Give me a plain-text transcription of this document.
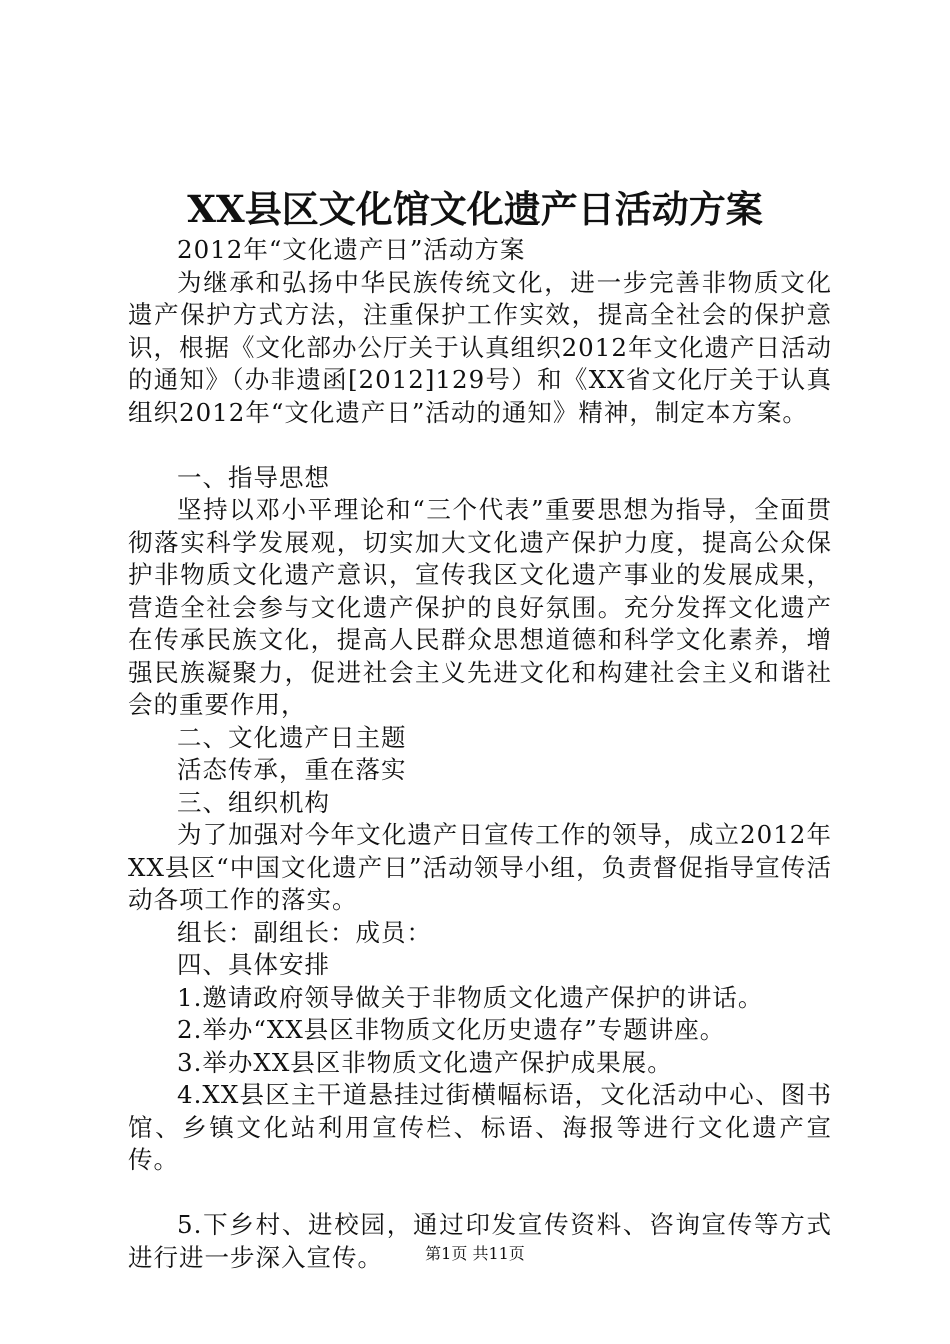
XX县区文化馆文化遗产日活动方案

2012年“文化遗产日”活动方案

为继承和弘扬中华民族传统文化，进一步完善非物质文化遗产保护方式方法，注重保护工作实效，提高全社会的保护意识，根据《文化部办公厅关于认真组织2012年文化遗产日活动的通知》（办非遗函[2012]129号）和《XX省文化厅关于认真组织2012年“文化遗产日”活动的通知》精神，制定本方案。

一、指导思想

坚持以邓小平理论和“三个代表”重要思想为指导，全面贯彻落实科学发展观，切实加大文化遗产保护力度，提高公众保护非物质文化遗产意识，宣传我区文化遗产事业的发展成果，营造全社会参与文化遗产保护的良好氛围。充分发挥文化遗产在传承民族文化，提高人民群众思想道德和科学文化素养，增强民族凝聚力，促进社会主义先进文化和构建社会主义和谐社会的重要作用，

二、文化遗产日主题

活态传承，重在落实

三、组织机构

为了加强对今年文化遗产日宣传工作的领导，成立2012年XX县区“中国文化遗产日”活动领导小组，负责督促指导宣传活动各项工作的落实。

组长：副组长：成员：

四、具体安排

1.邀请政府领导做关于非物质文化遗产保护的讲话。

2.举办“XX县区非物质文化历史遗存”专题讲座。

3.举办XX县区非物质文化遗产保护成果展。

4.XX县区主干道悬挂过街横幅标语，文化活动中心、图书馆、乡镇文化站利用宣传栏、标语、海报等进行文化遗产宣传。

5.下乡村、进校园，通过印发宣传资料、咨询宣传等方式进行进一步深入宣传。	第1页 共11页
